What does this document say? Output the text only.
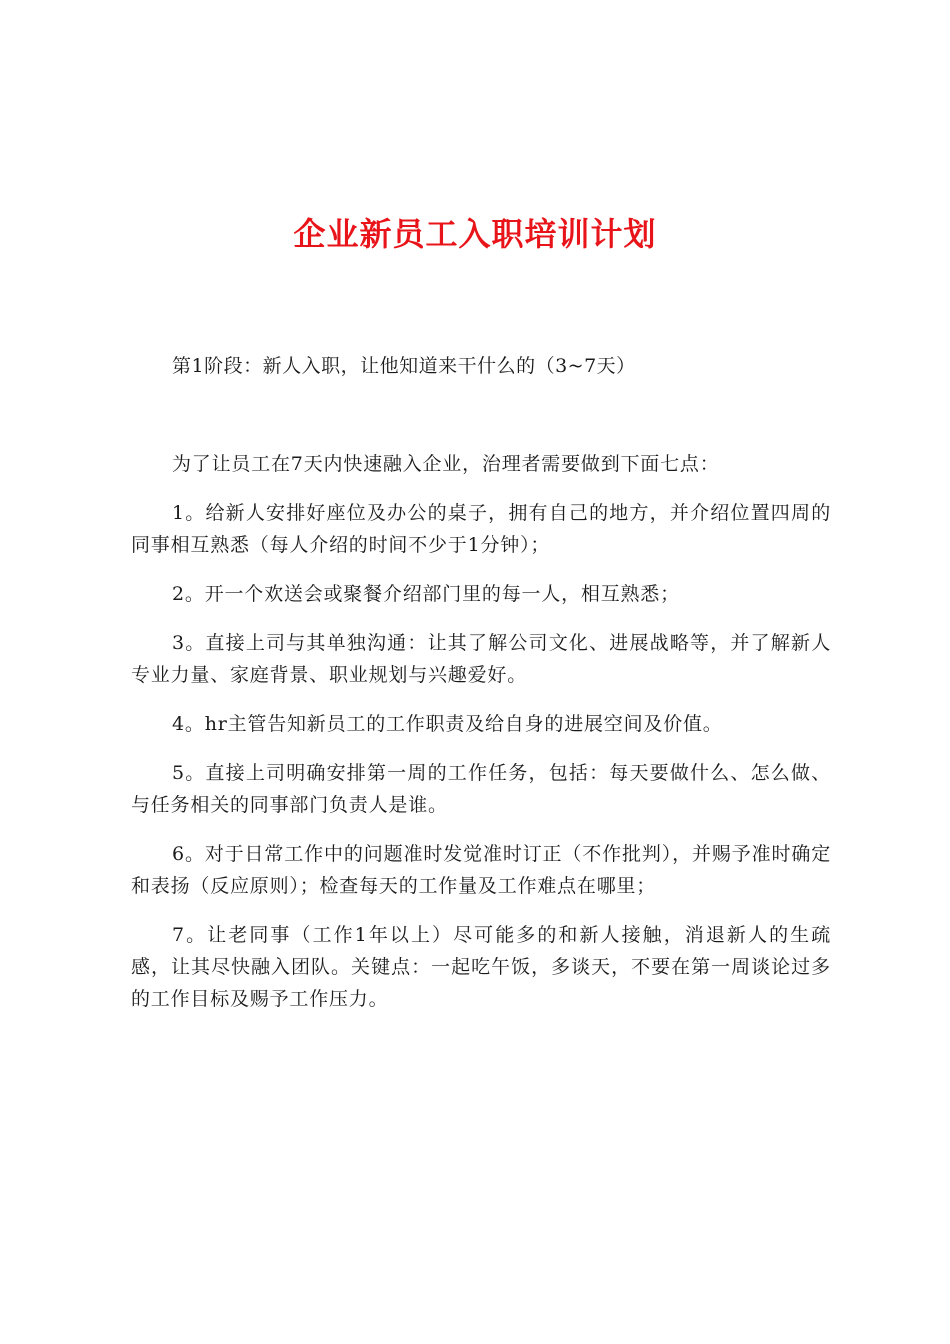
企业新员工入职培训计划
第1阶段：新人入职，让他知道来干什么的（3~7天）

为了让员工在7天内快速融入企业，治理者需要做到下面七点：

1。给新人安排好座位及办公的桌子，拥有自己的地方，并介绍位置四周的同事相互熟悉（每人介绍的时间不少于1分钟）；

2。开一个欢送会或聚餐介绍部门里的每一人，相互熟悉；

3。直接上司与其单独沟通：让其了解公司文化、进展战略等，并了解新人专业力量、家庭背景、职业规划与兴趣爱好。

4。hr主管告知新员工的工作职责及给自身的进展空间及价值。

5。直接上司明确安排第一周的工作任务，包括：每天要做什么、怎么做、与任务相关的同事部门负责人是谁。

6。对于日常工作中的问题准时发觉准时订正（不作批判），并赐予准时确定和表扬（反应原则）；检查每天的工作量及工作难点在哪里；

7。让老同事（工作1年以上）尽可能多的和新人接触，消退新人的生疏感，让其尽快融入团队。关键点：一起吃午饭，多谈天，不要在第一周谈论过多的工作目标及赐予工作压力。
